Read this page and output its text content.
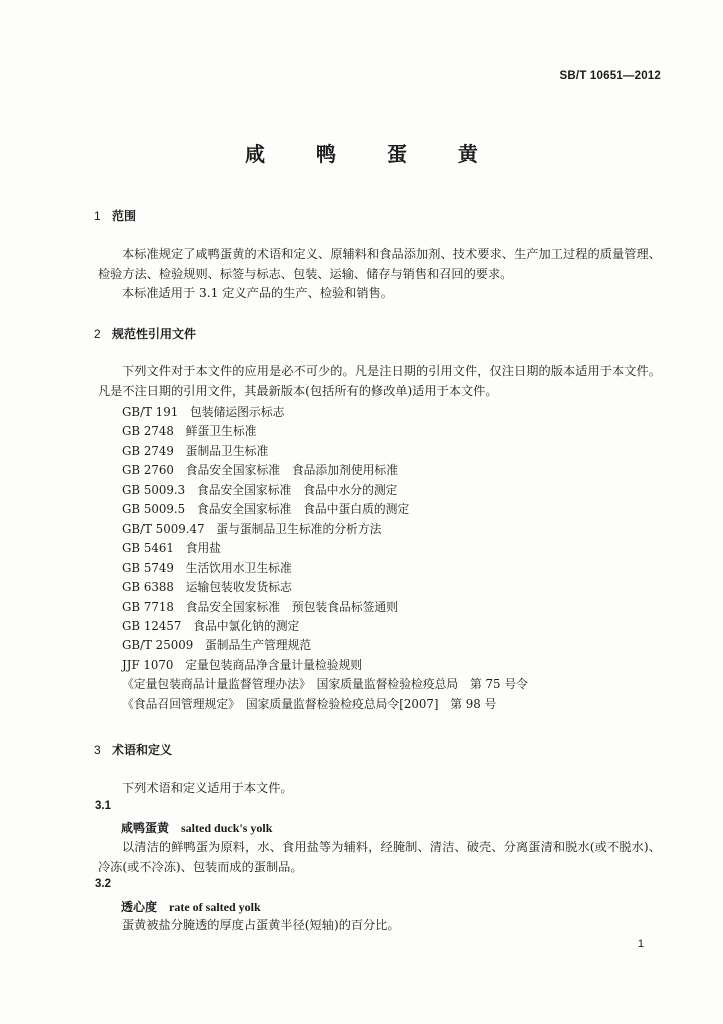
SB/T 10651—2012
咸 鸭 蛋 黄
1 范围
本标准规定了咸鸭蛋黄的术语和定义、原辅料和食品添加剂、技术要求、生产加工过程的质量管理、检验方法、检验规则、标签与标志、包装、运输、储存与销售和召回的要求。
本标准适用于 3.1 定义产品的生产、检验和销售。
2 规范性引用文件
下列文件对于本文件的应用是必不可少的。凡是注日期的引用文件，仅注日期的版本适用于本文件。凡是不注日期的引用文件，其最新版本(包括所有的修改单)适用于本文件。
GB/T 191　包装储运图示标志
GB 2748　鲜蛋卫生标准
GB 2749　蛋制品卫生标准
GB 2760　食品安全国家标准　食品添加剂使用标准
GB 5009.3　食品安全国家标准　食品中水分的测定
GB 5009.5　食品安全国家标准　食品中蛋白质的测定
GB/T 5009.47　蛋与蛋制品卫生标准的分析方法
GB 5461　食用盐
GB 5749　生活饮用水卫生标准
GB 6388　运输包装收发货标志
GB 7718　食品安全国家标准　预包装食品标签通则
GB 12457　食品中氯化钠的测定
GB/T 25009　蛋制品生产管理规范
JJF 1070　定量包装商品净含量计量检验规则
《定量包装商品计量监督管理办法》　国家质量监督检验检疫总局　第 75 号令
《食品召回管理规定》　国家质量监督检验检疫总局令[2007]　第 98 号
3 术语和定义
下列术语和定义适用于本文件。
3.1
咸鸭蛋黄 salted duck's yolk
以清洁的鲜鸭蛋为原料，水、食用盐等为辅料，经腌制、清洁、破壳、分离蛋清和脱水(或不脱水)、冷冻(或不冷冻)、包装而成的蛋制品。
3.2
透心度 rate of salted yolk
蛋黄被盐分腌透的厚度占蛋黄半径(短轴)的百分比。
1
